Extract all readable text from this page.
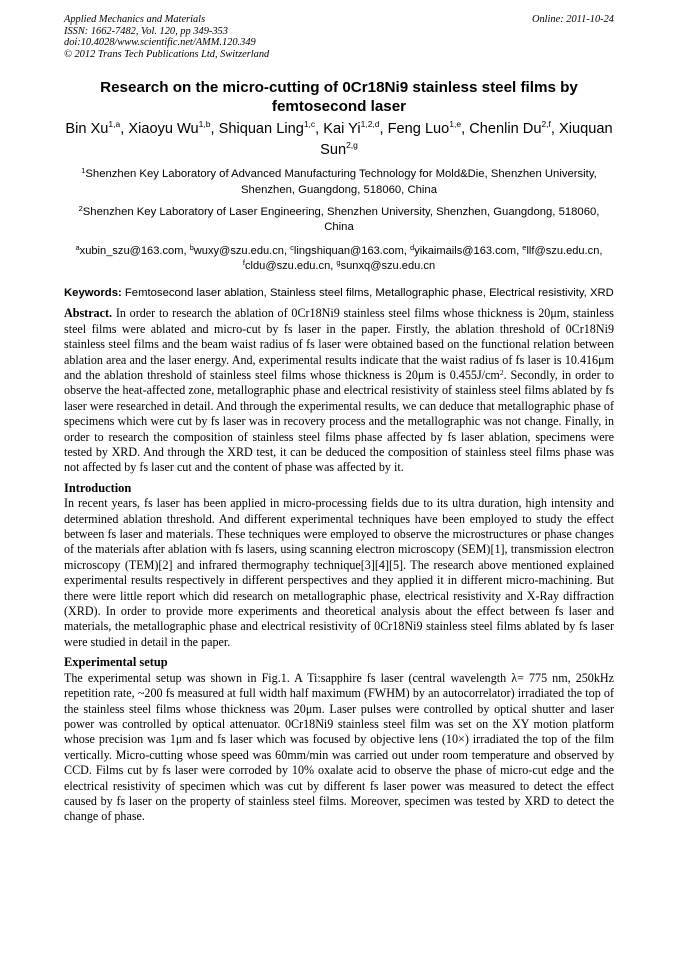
Applied Mechanics and Materials
ISSN: 1662-7482, Vol. 120, pp 349-353
doi:10.4028/www.scientific.net/AMM.120.349
© 2012 Trans Tech Publications Ltd, Switzerland
Online: 2011-10-24
Research on the micro-cutting of 0Cr18Ni9 stainless steel films by femtosecond laser
Bin Xu$^{1,a}$, Xiaoyu Wu$^{1,b}$, Shiquan Ling$^{1,c}$, Kai Yi$^{1,2,d}$, Feng Luo$^{1,e}$, Chenlin Du$^{2,f}$, Xiuquan Sun$^{2,g}$
$^1$Shenzhen Key Laboratory of Advanced Manufacturing Technology for Mold&Die, Shenzhen University, Shenzhen, Guangdong, 518060, China
$^2$Shenzhen Key Laboratory of Laser Engineering, Shenzhen University, Shenzhen, Guangdong, 518060, China
$^a$xubin_szu@163.com, $^b$wuxy@szu.edu.cn, $^c$lingshiquan@163.com, $^d$yikaimails@163.com, $^e$llf@szu.edu.cn, $^f$cldu@szu.edu.cn, $^g$sunxq@szu.edu.cn
Keywords: Femtosecond laser ablation, Stainless steel films, Metallographic phase, Electrical resistivity, XRD
Abstract. In order to research the ablation of 0Cr18Ni9 stainless steel films whose thickness is 20μm, stainless steel films were ablated and micro-cut by fs laser in the paper. Firstly, the ablation threshold of 0Cr18Ni9 stainless steel films and the beam waist radius of fs laser were obtained based on the functional relation between ablation area and the laser energy. And, experimental results indicate that the waist radius of fs laser is 10.416μm and the ablation threshold of stainless steel films whose thickness is 20μm is $0.455J/cm^2$. Secondly, in order to observe the heat-affected zone, metallographic phase and electrical resistivity of stainless steel films ablated by fs laser were researched in detail. And through the experimental results, we can deduce that metallographic phase of specimens which were cut by fs laser was in recovery process and the metallographic was not change. Finally, in order to research the composition of stainless steel films phase affected by fs laser ablation, specimens were tested by XRD. And through the XRD test, it can be deduced the composition of stainless steel films phase was not affected by fs laser cut and the content of phase was affected by it.
Introduction
In recent years, fs laser has been applied in micro-processing fields due to its ultra duration, high intensity and determined ablation threshold. And different experimental techniques have been employed to study the effect between fs laser and materials. These techniques were employed to observe the microstructures or phase changes of the materials after ablation with fs lasers, using scanning electron microscopy (SEM)[1], transmission electron microscopy (TEM)[2] and infrared thermography technique[3][4][5]. The research above mentioned explained experimental results respectively in different perspectives and they applied it in different micro-machining. But there were little report which did research on metallographic phase, electrical resistivity and X-Ray diffraction (XRD). In order to provide more experiments and theoretical analysis about the effect between fs laser and materials, the metallographic phase and electrical resistivity of 0Cr18Ni9 stainless steel films ablated by fs laser were studied in detail in the paper.
Experimental setup
The experimental setup was shown in Fig.1. A Ti:sapphire fs laser (central wavelength λ= 775 nm, 250kHz repetition rate, ~200 fs measured at full width half maximum (FWHM) by an autocorrelator) irradiated the top of the stainless steel films whose thickness was 20μm. Laser pulses were controlled by optical shutter and laser power was controlled by optical attenuator. 0Cr18Ni9 stainless steel film was set on the XY motion platform whose precision was 1μm and fs laser which was focused by objective lens (10×) irradiated the top of the film vertically. Micro-cutting whose speed was 60mm/min was carried out under room temperature and observed by CCD. Films cut by fs laser were corroded by 10% oxalate acid to observe the phase of micro-cut edge and the electrical resistivity of specimen which was cut by different fs laser power was measured to detect the effect caused by fs laser on the property of stainless steel films. Moreover, specimen was tested by XRD to detect the change of phase.
